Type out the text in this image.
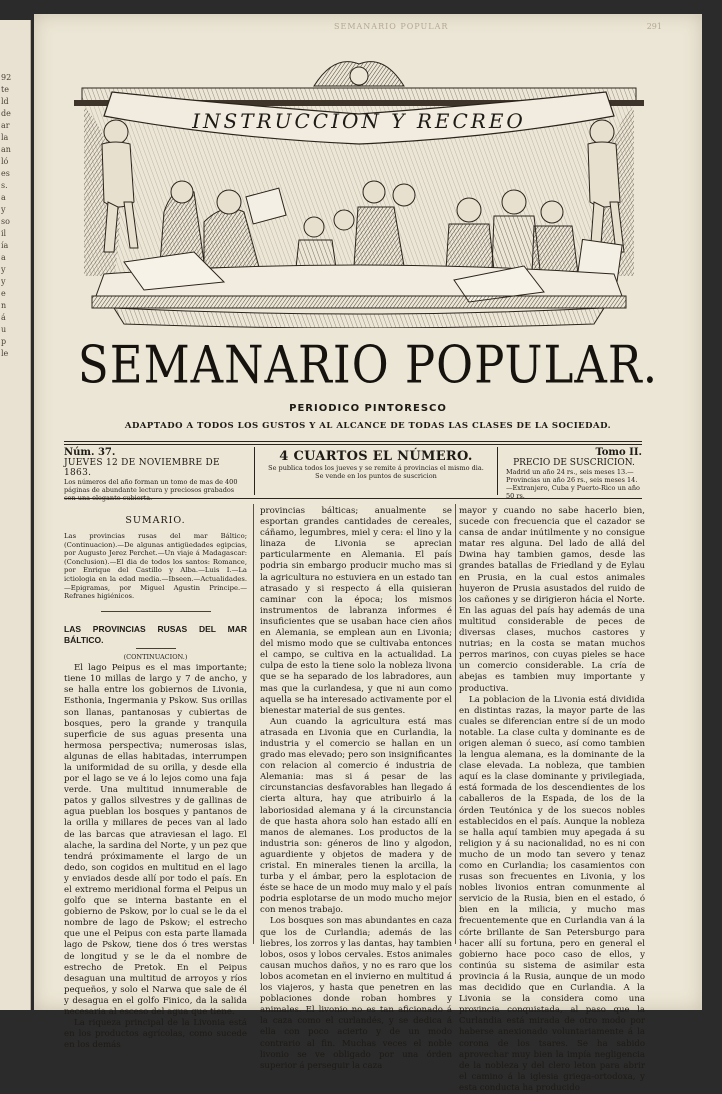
92
te
ld
de
ar
la
an
ló
es
s.
a
y
so
il
ía
a
y
y
e
n
á
u
p
le
SEMANARIO POPULAR	291
INSTRUCCION Y RECREO
SEMANARIO POPULAR.
PERIODICO PINTORESCO
ADAPTADO A TODOS LOS GUSTOS Y AL ALCANCE DE TODAS LAS CLASES DE LA SOCIEDAD.
Núm. 37.
JUEVES 12 DE NOVIEMBRE DE 1863.
Los números del año forman un tomo de mas de 400 páginas de abundante lectura y preciosos grabados con una elegante cubierta.
4 CUARTOS EL NÚMERO.
Se publica todos los jueves y se remite á provincias el mismo dia.
Se vende en los puntos de suscricion
Tomo II.
PRECIO DE SUSCRICION.
Madrid un año 24 rs., seis meses 13.—Provincias un año 26 rs., seis meses 14.—Extranjero, Cuba y Puerto-Rico un año 50 rs.
SUMARIO.

Las provincias rusas del mar Báltico; (Continuacion).—De algunas antigüedades egipcias, por Augusto Jerez Perchet.—Un viaje á Madagascar: (Conclusion).—El dia de todos los santos: Romance, por Enrique del Castillo y Alba.—Luis I.—La ictiologia en la edad media.—Ibseen.—Actualidades.—Epigramas, por Miguel Agustin Principe.—Refranes higiénicos.

LAS PROVINCIAS RUSAS DEL MAR BÁLTICO.

(CONTINUACION.)

El lago Peipus es el mas importante; tiene 10 millas de largo y 7 de ancho, y se halla entre los gobiernos de Livonia, Esthonia, Ingermania y Pskow. Sus orillas son llanas, pantanosas y cubiertas de bosques, pero la grande y tranquila superficie de sus aguas presenta una hermosa perspectiva; numerosas islas, algunas de ellas habitadas, interrumpen la uniformidad de su orilla, y desde ella por el lago se ve á lo lejos como una faja verde. Una multitud innumerable de patos y gallos silvestres y de gallinas de agua pueblan los bosques y pantanos de la orilla y millares de peces van al lado de las barcas que atraviesan el lago. El alache, la sardina del Norte, y un pez que tendrá próximamente el largo de un dedo, son cogidos en multitud en el lago y enviados desde allí por todo el país. En el extremo meridional forma el Peipus un golfo que se interna bastante en el gobierno de Pskow, por lo cual se le da el nombre de lago de Pskow; el estrecho que une el Peipus con esta parte llamada lago de Pskow, tiene dos ó tres werstas de longitud y se le da el nombre de estrecho de Pretok. En el Peipus desaguan una multitud de arroyos y ríos pequeños, y solo el Narwa que sale de él y desagua en el golfo Finico, da la salida necesaria al esceso del agua que tiene.

La riqueza principal de la Livonia está en los productos agrícolas, como sucede en los demás

provincias bálticas; anualmente se esportan grandes cantidades de cereales, cáñamo, legumbres, miel y cera: el lino y la linaza de Livonia se aprecian particularmente en Alemania. El país podria sin embargo producir mucho mas si la agricultura no estuviera en un estado tan atrasado y si respecto á ella quisieran caminar con la época; los mismos instrumentos de labranza informes é insuficientes que se usaban hace cien años en Alemania, se emplean aun en Livonia; del mismo modo que se cultivaba entonces el campo, se cultiva en la actualidad. La culpa de esto la tiene solo la nobleza livona que se ha separado de los labradores, aun mas que la curlandesa, y que ni aun como aquella se ha interesado activamente por el bienestar material de sus gentes.

Aun cuando la agricultura está mas atrasada en Livonia que en Curlandia, la industria y el comercio se hallan en un grado mas elevado; pero son insignificantes con relacion al comercio é industria de Alemania: mas si á pesar de las circunstancias desfavorables han llegado á cierta altura, hay que atribuirlo á la laboriosidad alemana y á la circunstancia de que hasta ahora solo han estado allí en manos de alemanes. Los productos de la industria son: géneros de lino y algodon, aguardiente y objetos de madera y de cristal. En minerales tienen la arcilla, la turba y el ámbar, pero la esplotacion de éste se hace de un modo muy malo y el país podria esplotarse de un modo mucho mejor con menos trabajo.

Los bosques son mas abundantes en caza que los de Curlandia; además de las liebres, los zorros y las dantas, hay tambien lobos, osos y lobos cervales. Estos animales causan muchos daños, y no es raro que los lobos acometan en el invierno en multitud á los viajeros, y hasta que penetren en las poblaciones donde roban hombres y animales. El livonio no es tan aficionado á la caza como el curlandés, y se dedica á ella con poco acierto y de un modo contrario al fin. Muchas veces el noble livonio se ve obligado por una órden superior á perseguir la caza

mayor y cuando no sabe hacerlo bien, sucede con frecuencia que el cazador se cansa de andar inútilmente y no consigue matar res alguna. Del lado de allá del Dwina hay tambien gamos, desde las grandes batallas de Friedland y de Eylau en Prusia, en la cual estos animales huyeron de Prusia asustados del ruido de los cañones y se dirigieron hácia el Norte. En las aguas del país hay además de una multitud considerable de peces de diversas clases, muchos castores y nutrias; en la costa se matan muchos perros marinos, con cuyas pieles se hace un comercio considerable. La cría de abejas es tambien muy importante y productiva.

La poblacion de la Livonia está dividida en distintas razas, la mayor parte de las cuales se diferencian entre sí de un modo notable. La clase culta y dominante es de origen aleman ó sueco, así como tambien la lengua alemana, es la dominante de la clase elevada. La nobleza, que tambien aquí es la clase dominante y privilegiada, está formada de los descendientes de los caballeros de la Espada, de los de la órden Teutónica y de los suecos nobles establecidos en el país. Aunque la nobleza se halla aquí tambien muy apegada á su religion y á su nacionalidad, no es ni con mucho de un modo tan severo y tenaz como en Curlandia; los casamientos con rusas son frecuentes en Livonia, y los nobles livonios entran comunmente al servicio de la Rusia, bien en el estado, ó bien en la milicia, y mucho mas frecuentemente que en Curlandia van á la córte brillante de San Petersburgo para hacer allí su fortuna, pero en general el gobierno hace poco caso de ellos, y continúa su sistema de asimilar esta provincia á la Rusia, aunque de un modo mas decidido que en Curlandia. A la Livonia se la considera como una provincia conquistada, al paso que la Curlandia está mirada de otro modo por haberse anexionado voluntariamente á la corona de los tsares. Se ha sabido aprovechar muy bien la impía negligencia de la nobleza y del clero leton para abrir el camino á la iglesia griega-ortodoxa, y esta conducta ha producido
